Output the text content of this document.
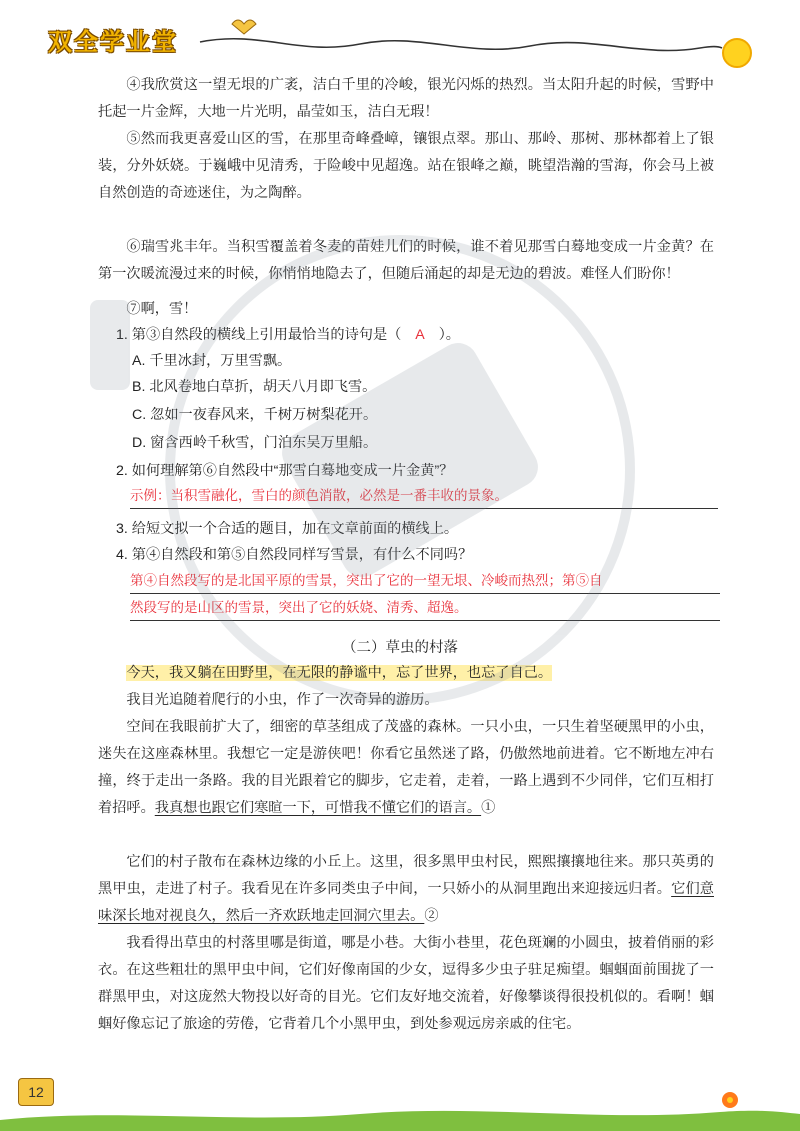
双全学业堂

④我欣赏这一望无垠的广袤，洁白千里的冷峻，银光闪烁的热烈。当太阳升起的时候，雪野中托起一片金辉，大地一片光明，晶莹如玉，洁白无瑕！

⑤然而我更喜爱山区的雪，在那里奇峰叠嶂，镶银点翠。那山、那岭、那树、那林都着上了银装，分外妖娆。于巍峨中见清秀，于险峻中见超逸。站在银峰之巅，眺望浩瀚的雪海，你会马上被自然创造的奇迹迷住，为之陶醉。

⑥瑞雪兆丰年。当积雪覆盖着冬麦的苗娃儿们的时候，谁不着见那雪白蓦地变成一片金黄？在第一次暖流漫过来的时候，你悄悄地隐去了，但随后涌起的却是无边的碧波。难怪人们盼你！

⑦啊，雪！

1. 第③自然段的横线上引用最恰当的诗句是（ A ）。

A. 千里冰封，万里雪飘。

B. 北风卷地白草折，胡天八月即飞雪。

C. 忽如一夜春风来，千树万树梨花开。

D. 窗含西岭千秋雪，门泊东吴万里船。

2. 如何理解第⑥自然段中“那雪白蓦地变成一片金黄”？

示例：当积雪融化，雪白的颜色消散，必然是一番丰收的景象。

3. 给短文拟一个合适的题目，加在文章前面的横线上。

4. 第④自然段和第⑤自然段同样写雪景，有什么不同吗？

第④自然段写的是北国平原的雪景，突出了它的一望无垠、冷峻而热烈；第⑤自
然段写的是山区的雪景，突出了它的妖娆、清秀、超逸。
（二）草虫的村落

今天，我又躺在田野里，在无限的静谧中，忘了世界，也忘了自己。

我目光追随着爬行的小虫，作了一次奇异的游历。

空间在我眼前扩大了，细密的草茎组成了茂盛的森林。一只小虫，一只生着坚硬黑甲的小虫，迷失在这座森林里。我想它一定是游侠吧！你看它虽然迷了路，仍傲然地前进着。它不断地左冲右撞，终于走出一条路。我的目光跟着它的脚步，它走着，走着，一路上遇到不少同伴，它们互相打着招呼。我真想也跟它们寒暄一下，可惜我不懂它们的语言。①

它们的村子散布在森林边缘的小丘上。这里，很多黑甲虫村民，熙熙攘攘地往来。那只英勇的黑甲虫，走进了村子。我看见在许多同类虫子中间，一只娇小的从洞里跑出来迎接远归者。它们意味深长地对视良久，然后一齐欢跃地走回洞穴里去。②

我看得出草虫的村落里哪是街道，哪是小巷。大街小巷里，花色斑斓的小圆虫，披着俏丽的彩衣。在这些粗壮的黑甲虫中间，它们好像南国的少女，逗得多少虫子驻足痴望。蝈蝈面前围拢了一群黑甲虫，对这庞然大物投以好奇的目光。它们友好地交流着，好像攀谈得很投机似的。看啊！蝈蝈好像忘记了旅途的劳倦，它背着几个小黑甲虫，到处参观远房亲戚的住宅。

12
